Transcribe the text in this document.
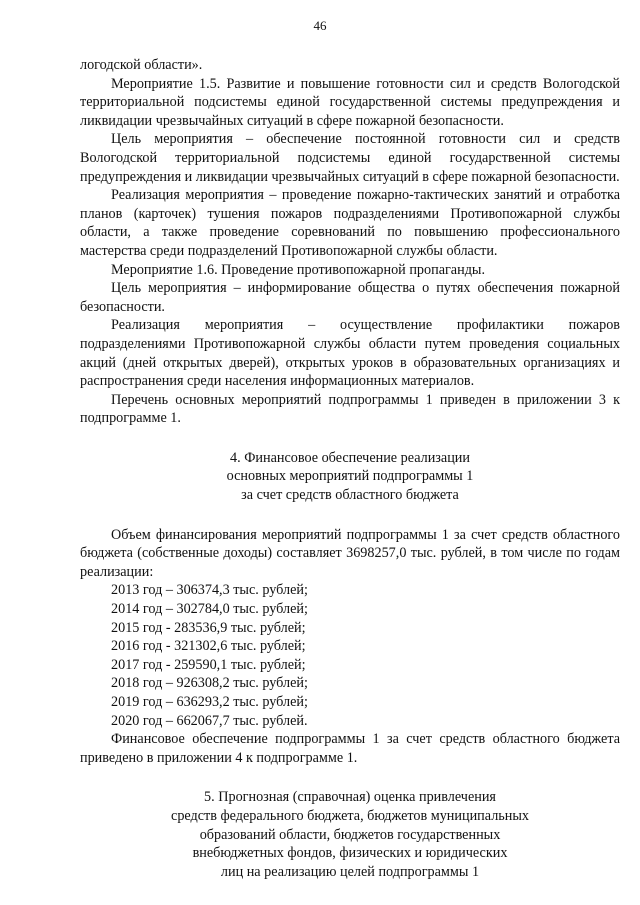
46

логодской области».

Мероприятие 1.5. Развитие и повышение готовности сил и средств Вологодской территориальной подсистемы единой государственной системы предупреждения и ликвидации чрезвычайных ситуаций в сфере пожарной безопасности.

Цель мероприятия – обеспечение постоянной готовности сил и средств Вологодской территориальной подсистемы единой государственной системы предупреждения и ликвидации чрезвычайных ситуаций в сфере пожарной безопасности.

Реализация мероприятия – проведение пожарно-тактических занятий и отработка планов (карточек) тушения пожаров подразделениями Противопожарной службы области, а также проведение соревнований по повышению профессионального мастерства среди подразделений Противопожарной службы области.

Мероприятие 1.6. Проведение противопожарной пропаганды.

Цель мероприятия – информирование общества о путях обеспечения пожарной безопасности.

Реализация мероприятия – осуществление профилактики пожаров подразделениями Противопожарной службы области путем проведения социальных акций (дней открытых дверей), открытых уроков в образовательных организациях и распространения среди населения информационных материалов.

Перечень основных мероприятий подпрограммы 1 приведен в приложении 3 к подпрограмме 1.

4. Финансовое обеспечение реализации
основных мероприятий подпрограммы 1
за счет средств областного бюджета

Объем финансирования мероприятий подпрограммы 1 за счет средств областного бюджета (собственные доходы) составляет 3698257,0 тыс. рублей, в том числе по годам реализации:

2013 год – 306374,3 тыс. рублей;
2014 год – 302784,0 тыс. рублей;
2015 год - 283536,9 тыс. рублей;
2016 год - 321302,6 тыс. рублей;
2017 год - 259590,1 тыс. рублей;
2018 год – 926308,2 тыс. рублей;
2019 год – 636293,2 тыс. рублей;
2020 год – 662067,7 тыс. рублей.

Финансовое обеспечение подпрограммы 1 за счет средств областного бюджета приведено в приложении 4 к подпрограмме 1.

5. Прогнозная (справочная) оценка привлечения
средств федерального бюджета, бюджетов муниципальных
образований области, бюджетов государственных
внебюджетных фондов, физических и юридических
лиц на реализацию целей подпрограммы 1
